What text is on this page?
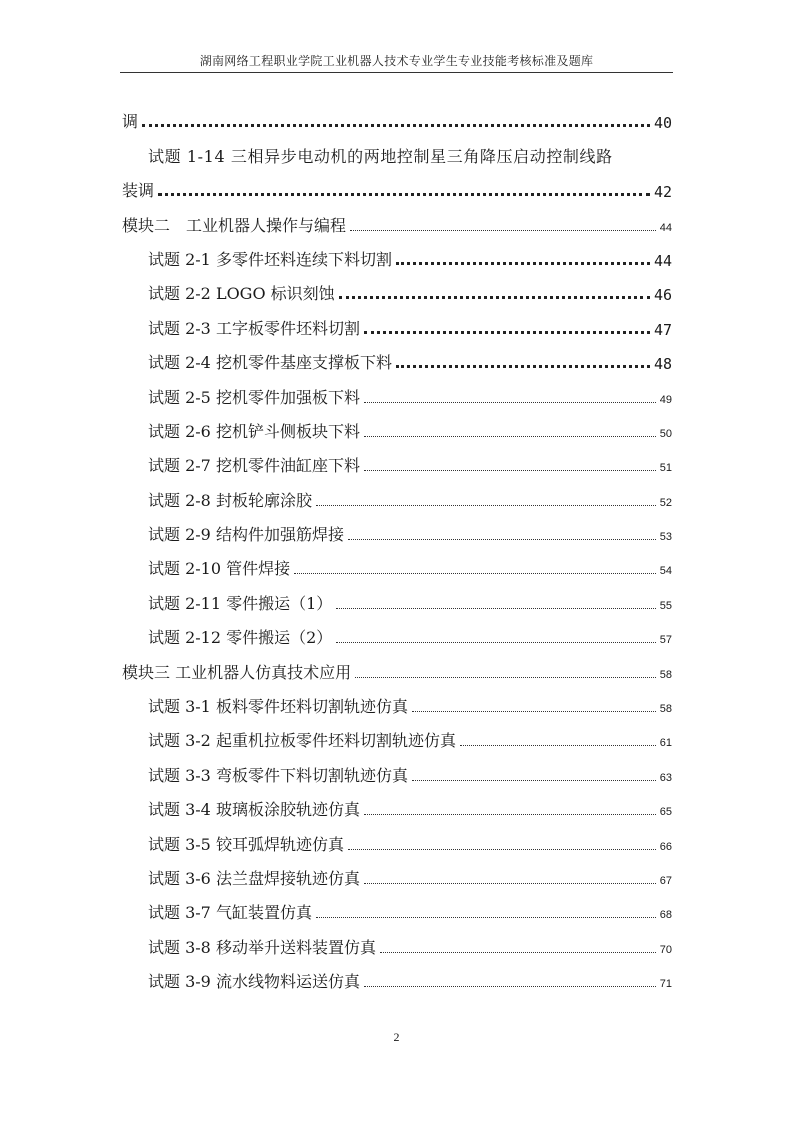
湖南网络工程职业学院工业机器人技术专业学生专业技能考核标准及题库
调	40
试题 1-14 三相异步电动机的两地控制星三角降压启动控制线路
装调	42
模块二　工业机器人操作与编程	44
试题 2-1 多零件坯料连续下料切割	44
试题 2-2 LOGO 标识刻蚀	46
试题 2-3 工字板零件坯料切割	47
试题 2-4 挖机零件基座支撑板下料	48
试题 2-5 挖机零件加强板下料	49
试题 2-6 挖机铲斗侧板块下料	50
试题 2-7 挖机零件油缸座下料	51
试题 2-8 封板轮廓涂胶	52
试题 2-9 结构件加强筋焊接	53
试题 2-10 管件焊接	54
试题 2-11 零件搬运（1）	55
试题 2-12 零件搬运（2）	57
模块三 工业机器人仿真技术应用	58
试题 3-1 板料零件坯料切割轨迹仿真	58
试题 3-2 起重机拉板零件坯料切割轨迹仿真	61
试题 3-3 弯板零件下料切割轨迹仿真	63
试题 3-4 玻璃板涂胶轨迹仿真	65
试题 3-5 铰耳弧焊轨迹仿真	66
试题 3-6 法兰盘焊接轨迹仿真	67
试题 3-7 气缸装置仿真	68
试题 3-8 移动举升送料装置仿真	70
试题 3-9 流水线物料运送仿真	71
2
